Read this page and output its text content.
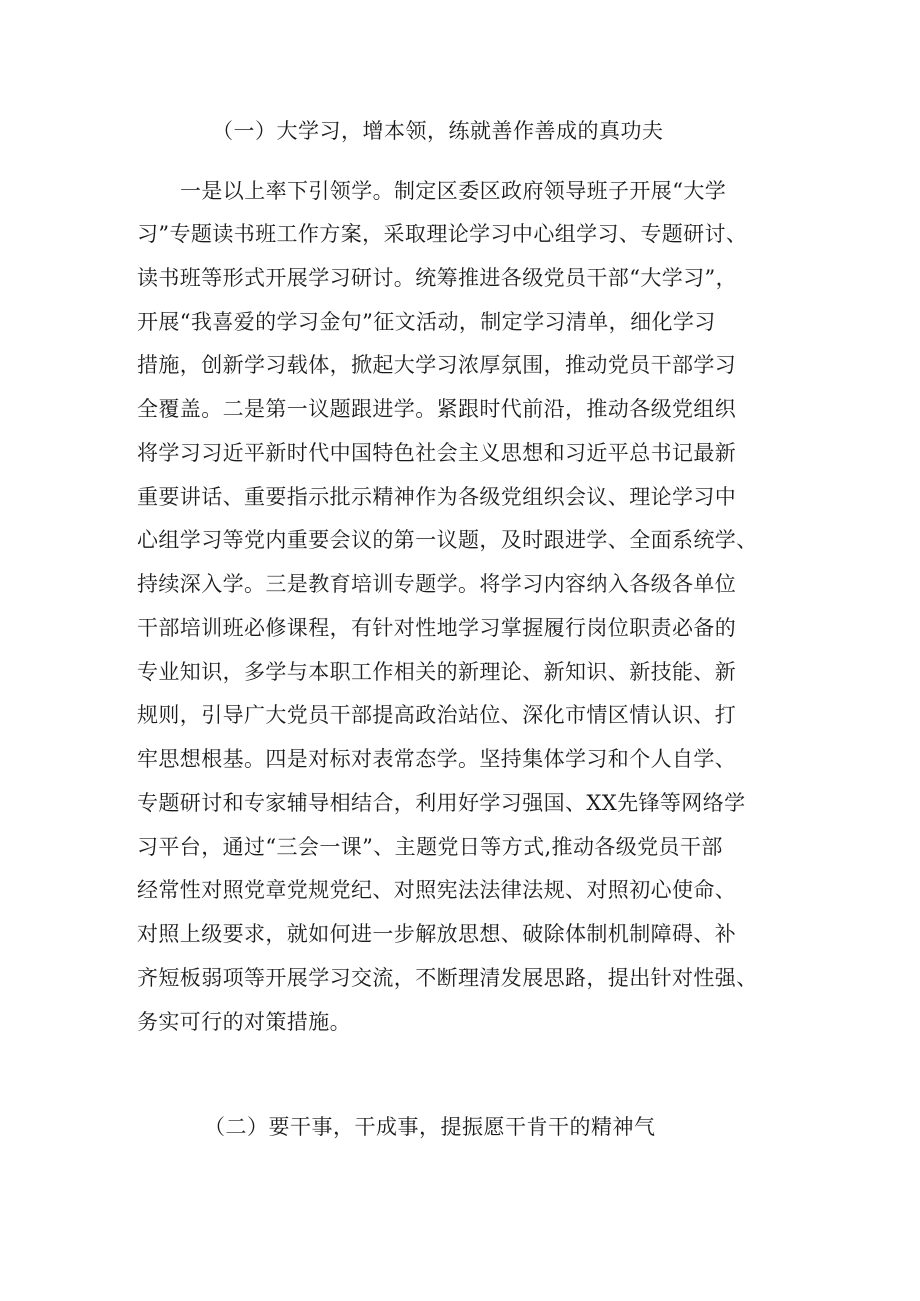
（一）大学习，增本领，练就善作善成的真功夫
一是以上率下引领学。制定区委区政府领导班子开展“大学
习”专题读书班工作方案，采取理论学习中心组学习、专题研讨、
读书班等形式开展学习研讨。统筹推进各级党员干部“大学习”，
开展“我喜爱的学习金句”征文活动，制定学习清单，细化学习
措施，创新学习载体，掀起大学习浓厚氛围，推动党员干部学习
全覆盖。二是第一议题跟进学。紧跟时代前沿，推动各级党组织
将学习习近平新时代中国特色社会主义思想和习近平总书记最新
重要讲话、重要指示批示精神作为各级党组织会议、理论学习中
心组学习等党内重要会议的第一议题，及时跟进学、全面系统学、
持续深入学。三是教育培训专题学。将学习内容纳入各级各单位
干部培训班必修课程，有针对性地学习掌握履行岗位职责必备的
专业知识，多学与本职工作相关的新理论、新知识、新技能、新
规则，引导广大党员干部提高政治站位、深化市情区情认识、打
牢思想根基。四是对标对表常态学。坚持集体学习和个人自学、
专题研讨和专家辅导相结合，利用好学习强国、XX先锋等网络学
习平台，通过“三会一课”、主题党日等方式,推动各级党员干部
经常性对照党章党规党纪、对照宪法法律法规、对照初心使命、
对照上级要求，就如何进一步解放思想、破除体制机制障碍、补
齐短板弱项等开展学习交流，不断理清发展思路，提出针对性强、
务实可行的对策措施。
（二）要干事，干成事，提振愿干肯干的精神气
